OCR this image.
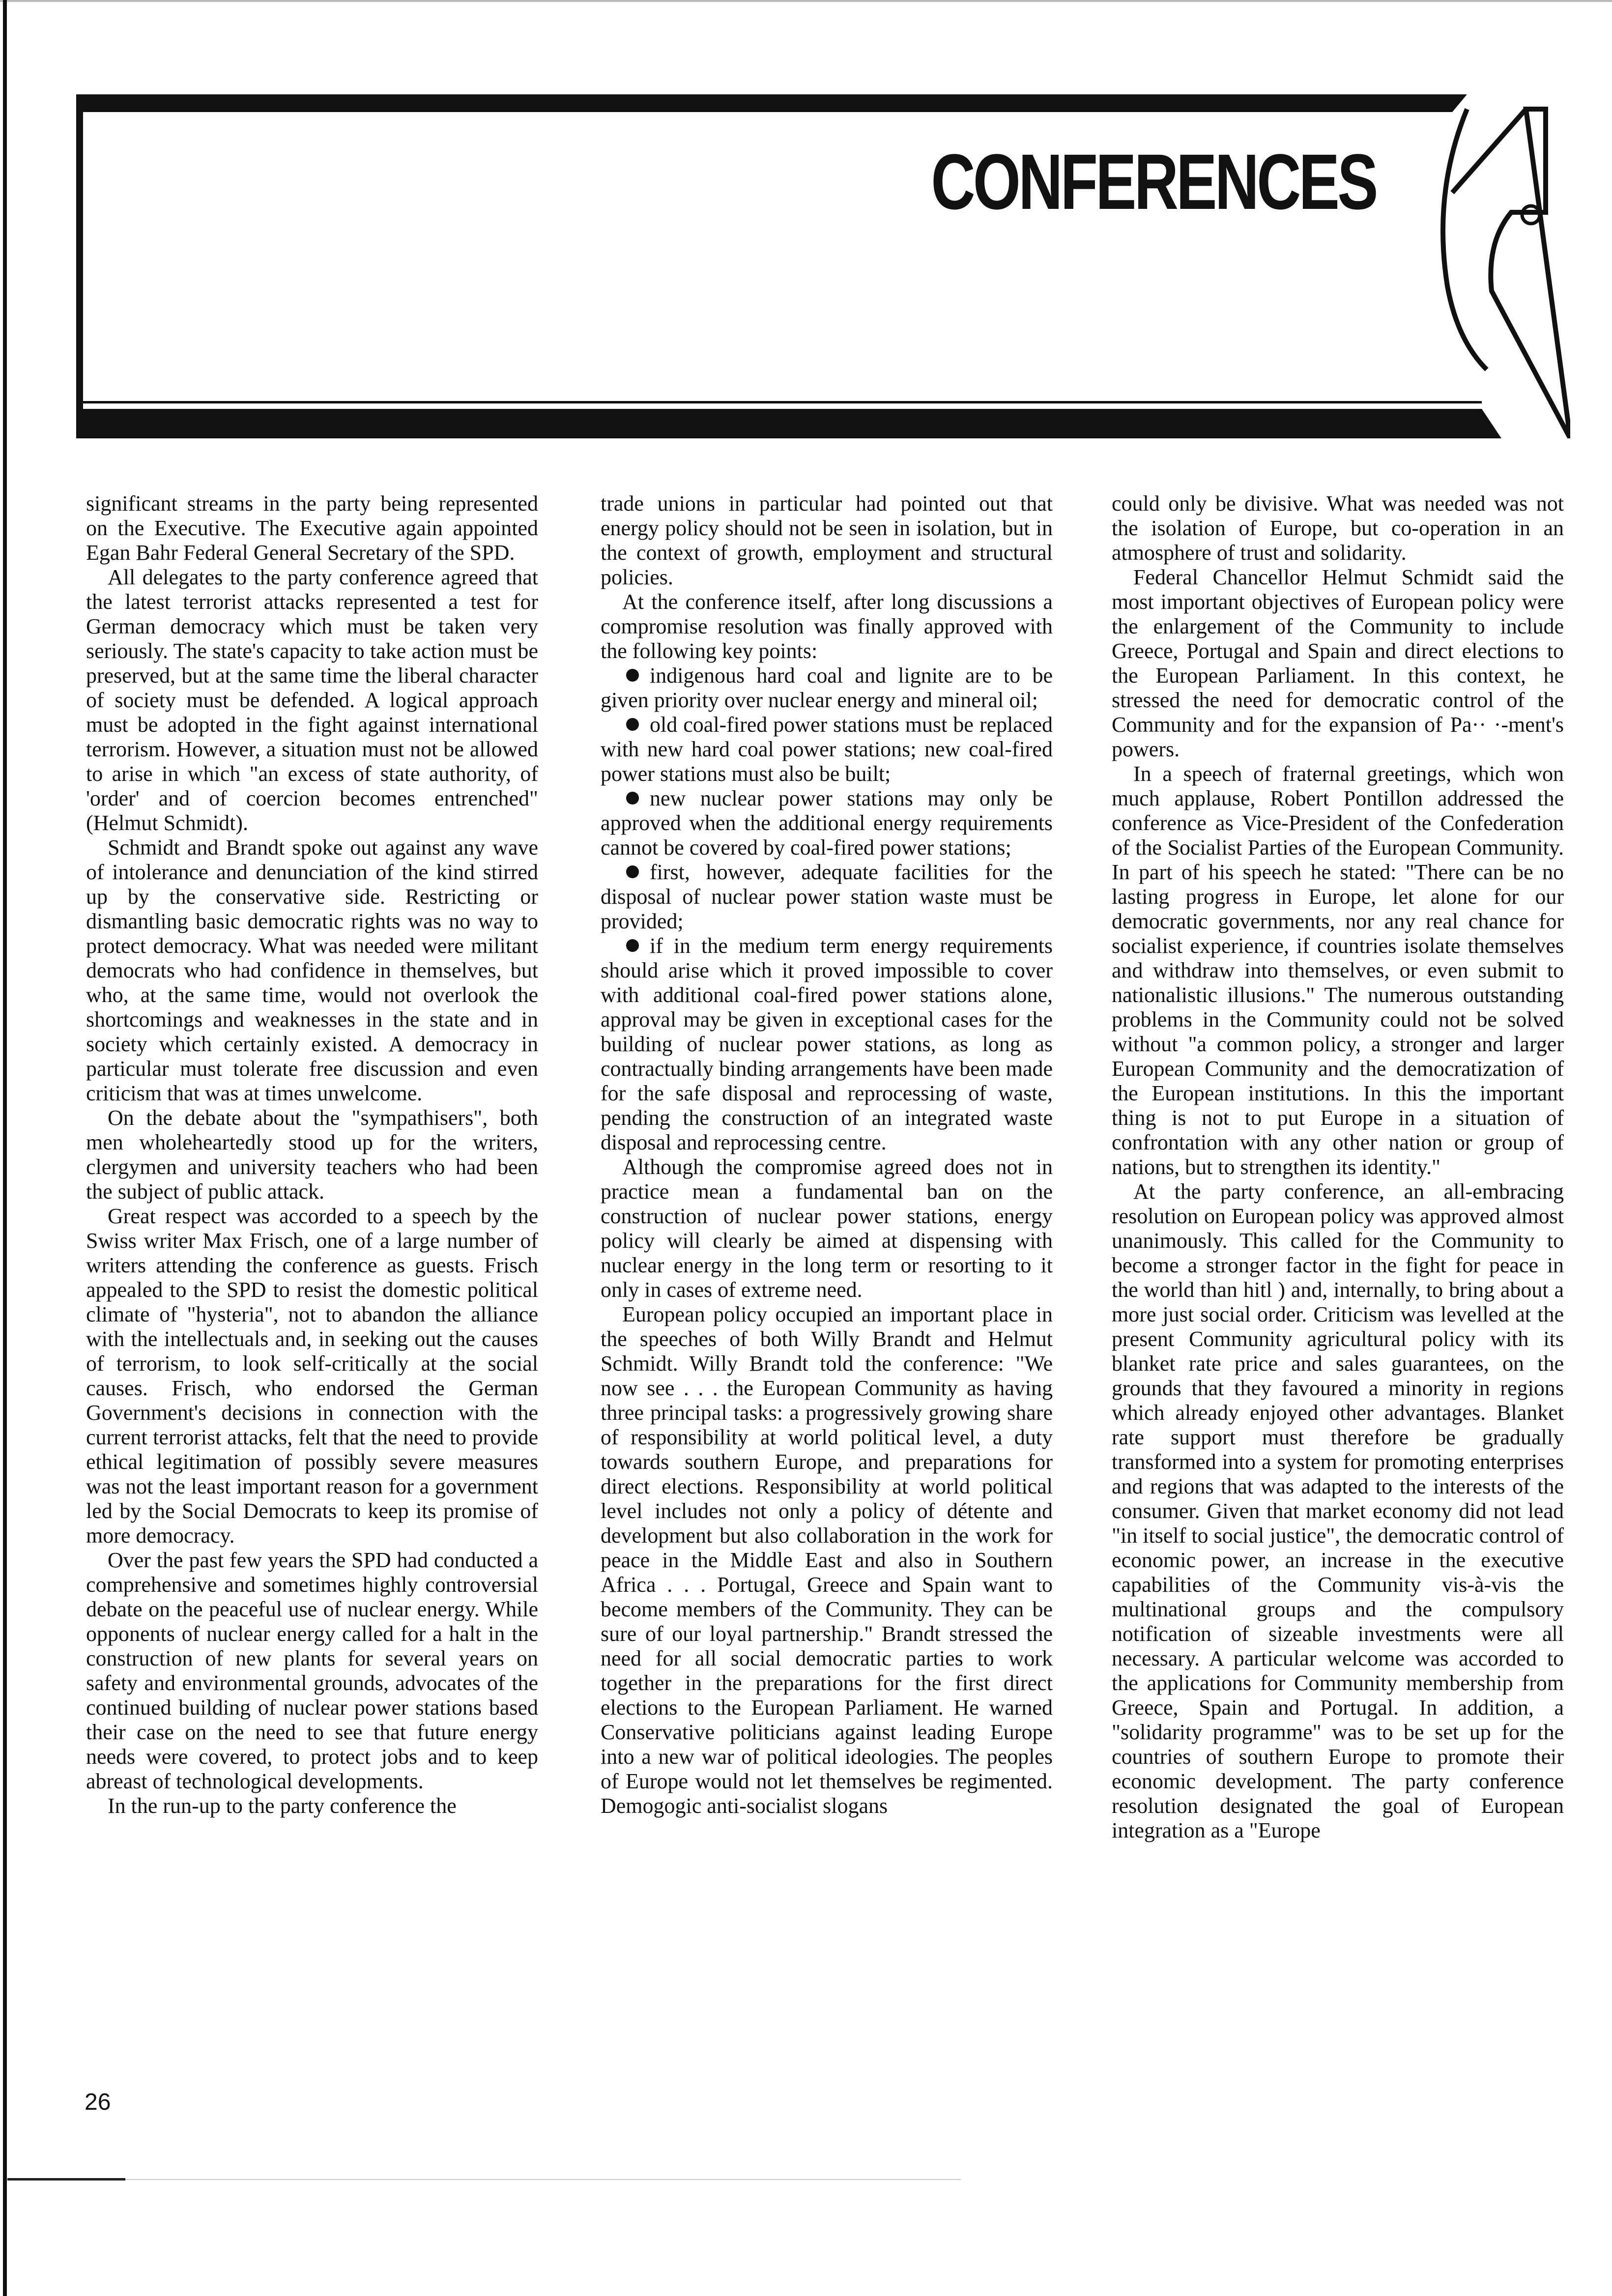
CONFERENCES

significant streams in the party being represented on the Executive. The Executive again appointed Egan Bahr Federal General Secretary of the SPD.

All delegates to the party conference agreed that the latest terrorist attacks represented a test for German democracy which must be taken very seriously. The state's capacity to take action must be preserved, but at the same time the liberal character of society must be defended. A logical approach must be adopted in the fight against international terrorism. However, a situation must not be allowed to arise in which "an excess of state authority, of 'order' and of coercion becomes entrenched" (Helmut Schmidt).

Schmidt and Brandt spoke out against any wave of intolerance and denunciation of the kind stirred up by the conservative side. Restricting or dismantling basic democratic rights was no way to protect democracy. What was needed were militant democrats who had confidence in themselves, but who, at the same time, would not overlook the shortcomings and weaknesses in the state and in society which certainly existed. A democracy in particular must tolerate free discussion and even criticism that was at times unwelcome.

On the debate about the "sympathisers", both men wholeheartedly stood up for the writers, clergymen and university teachers who had been the subject of public attack.

Great respect was accorded to a speech by the Swiss writer Max Frisch, one of a large number of writers attending the conference as guests. Frisch appealed to the SPD to resist the domestic political climate of "hysteria", not to abandon the alliance with the intellectuals and, in seeking out the causes of terrorism, to look self-critically at the social causes. Frisch, who endorsed the German Government's decisions in connection with the current terrorist attacks, felt that the need to provide ethical legitimation of possibly severe measures was not the least important reason for a government led by the Social Democrats to keep its promise of more democracy.

Over the past few years the SPD had conducted a comprehensive and sometimes highly controversial debate on the peaceful use of nuclear energy. While opponents of nuclear energy called for a halt in the construction of new plants for several years on safety and environmental grounds, advocates of the continued building of nuclear power stations based their case on the need to see that future energy needs were covered, to protect jobs and to keep abreast of technological developments.

In the run-up to the party conference the

trade unions in particular had pointed out that energy policy should not be seen in isolation, but in the context of growth, employment and structural policies.

At the conference itself, after long discussions a compromise resolution was finally approved with the following key points:

indigenous hard coal and lignite are to be given priority over nuclear energy and mineral oil;

old coal-fired power stations must be replaced with new hard coal power stations; new coal-fired power stations must also be built;

new nuclear power stations may only be approved when the additional energy requirements cannot be covered by coal-fired power stations;

first, however, adequate facilities for the disposal of nuclear power station waste must be provided;

if in the medium term energy requirements should arise which it proved impossible to cover with additional coal-fired power stations alone, approval may be given in exceptional cases for the building of nuclear power stations, as long as contractually binding arrangements have been made for the safe disposal and reprocessing of waste, pending the construction of an integrated waste disposal and reprocessing centre.

Although the compromise agreed does not in practice mean a fundamental ban on the construction of nuclear power stations, energy policy will clearly be aimed at dispensing with nuclear energy in the long term or resorting to it only in cases of extreme need.

European policy occupied an important place in the speeches of both Willy Brandt and Helmut Schmidt. Willy Brandt told the conference: "We now see . . . the European Community as having three principal tasks: a progressively growing share of responsibility at world political level, a duty towards southern Europe, and preparations for direct elections. Responsibility at world political level includes not only a policy of détente and development but also collaboration in the work for peace in the Middle East and also in Southern Africa . . . Portugal, Greece and Spain want to become members of the Community. They can be sure of our loyal partnership." Brandt stressed the need for all social democratic parties to work together in the preparations for the first direct elections to the European Parliament. He warned Conservative politicians against leading Europe into a new war of political ideologies. The peoples of Europe would not let themselves be regimented. Demogogic anti-socialist slogans

could only be divisive. What was needed was not the isolation of Europe, but co-operation in an atmosphere of trust and solidarity.

Federal Chancellor Helmut Schmidt said the most important objectives of European policy were the enlargement of the Community to include Greece, Portugal and Spain and direct elections to the European Parliament. In this context, he stressed the need for democratic control of the Community and for the expansion of Pa·· ·-ment's powers.

In a speech of fraternal greetings, which won much applause, Robert Pontillon addressed the conference as Vice-President of the Confederation of the Socialist Parties of the European Community. In part of his speech he stated: "There can be no lasting progress in Europe, let alone for our democratic governments, nor any real chance for socialist experience, if countries isolate themselves and withdraw into themselves, or even submit to nationalistic illusions." The numerous outstanding problems in the Community could not be solved without "a common policy, a stronger and larger European Community and the democratization of the European institutions. In this the important thing is not to put Europe in a situation of confrontation with any other nation or group of nations, but to strengthen its identity."

At the party conference, an all-embracing resolution on European policy was approved almost unanimously. This called for the Community to become a stronger factor in the fight for peace in the world than hitl ) and, internally, to bring about a more just social order. Criticism was levelled at the present Community agricultural policy with its blanket rate price and sales guarantees, on the grounds that they favoured a minority in regions which already enjoyed other advantages. Blanket rate support must therefore be gradually transformed into a system for promoting enterprises and regions that was adapted to the interests of the consumer. Given that market economy did not lead "in itself to social justice", the democratic control of economic power, an increase in the executive capabilities of the Community vis-à-vis the multinational groups and the compulsory notification of sizeable investments were all necessary. A particular welcome was accorded to the applications for Community membership from Greece, Spain and Portugal. In addition, a "solidarity programme" was to be set up for the countries of southern Europe to promote their economic development. The party conference resolution designated the goal of European integration as a "Europe

26
